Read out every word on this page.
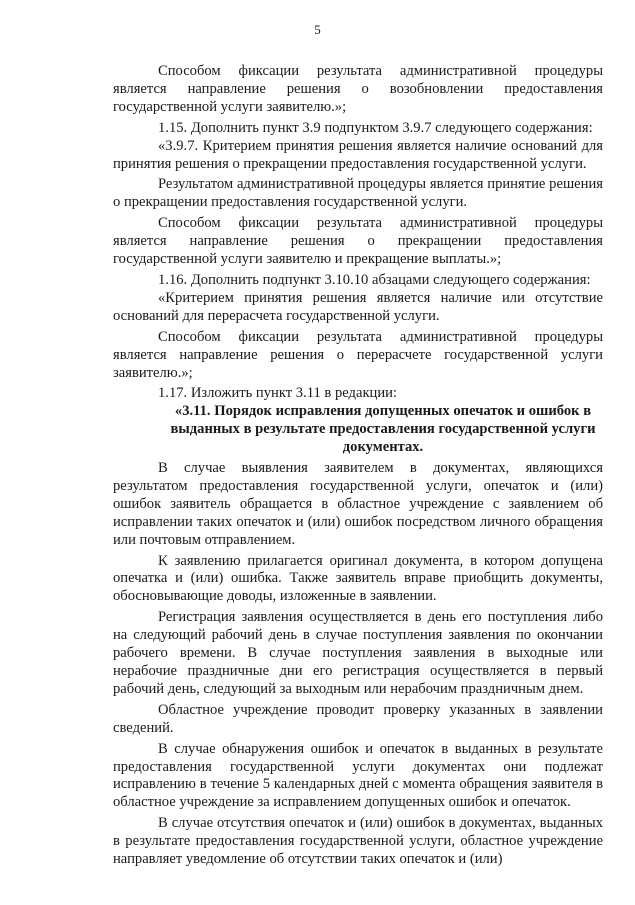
5

Способом фиксации результата административной процедуры является направление решения о возобновлении предоставления государственной услуги заявителю.»;

1.15. Дополнить пункт 3.9 подпунктом 3.9.7 следующего содержания:

«3.9.7. Критерием принятия решения является наличие оснований для принятия решения о прекращении предоставления государственной услуги.

Результатом административной процедуры является принятие решения о прекращении предоставления государственной услуги.

Способом фиксации результата административной процедуры является направление решения о прекращении предоставления государственной услуги заявителю и прекращение выплаты.»;

1.16. Дополнить подпункт 3.10.10 абзацами следующего содержания:

«Критерием принятия решения является наличие или отсутствие оснований для перерасчета государственной услуги.

Способом фиксации результата административной процедуры является направление решения о перерасчете государственной услуги заявителю.»;

1.17. Изложить пункт 3.11 в редакции:

«3.11. Порядок исправления допущенных опечаток и ошибок в выданных в результате предоставления государственной услуги документах.

В случае выявления заявителем в документах, являющихся результатом предоставления государственной услуги, опечаток и (или) ошибок заявитель обращается в областное учреждение с заявлением об исправлении таких опечаток и (или) ошибок посредством личного обращения или почтовым отправлением.

К заявлению прилагается оригинал документа, в котором допущена опечатка и (или) ошибка. Также заявитель вправе приобщить документы, обосновывающие доводы, изложенные в заявлении.

Регистрация заявления осуществляется в день его поступления либо на следующий рабочий день в случае поступления заявления по окончании рабочего времени. В случае поступления заявления в выходные или нерабочие праздничные дни его регистрация осуществляется в первый рабочий день, следующий за выходным или нерабочим праздничным днем.

Областное учреждение проводит проверку указанных в заявлении сведений.

В случае обнаружения ошибок и опечаток в выданных в результате предоставления государственной услуги документах они подлежат исправлению в течение 5 календарных дней с момента обращения заявителя в областное учреждение за исправлением допущенных ошибок и опечаток.

В случае отсутствия опечаток и (или) ошибок в документах, выданных в результате предоставления государственной услуги, областное учреждение направляет уведомление об отсутствии таких опечаток и (или)
